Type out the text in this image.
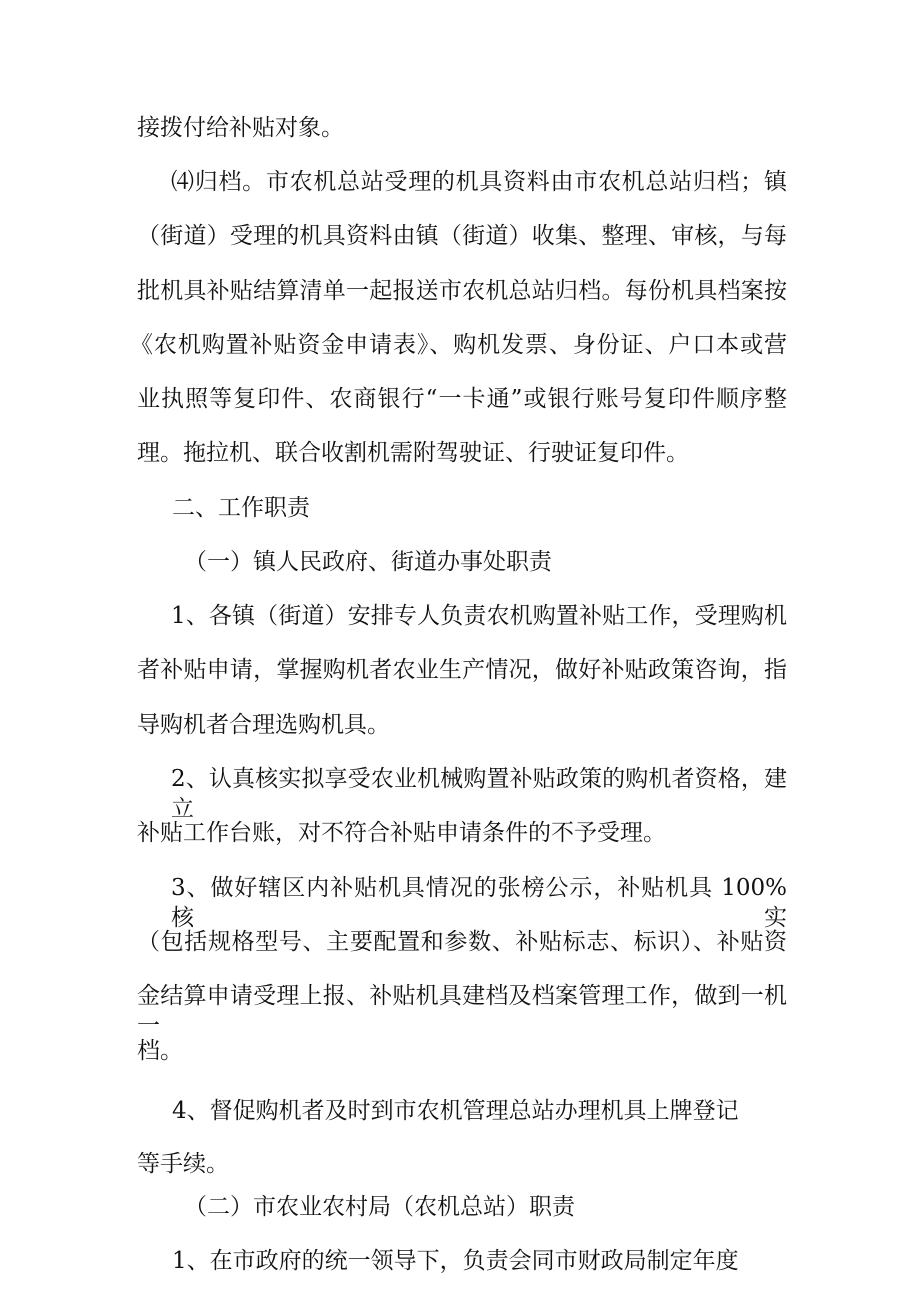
接拨付给补贴对象。
⑷归档。市农机总站受理的机具资料由市农机总站归档；镇
（街道）受理的机具资料由镇（街道）收集、整理、审核，与每
批机具补贴结算清单一起报送市农机总站归档。每份机具档案按
《农机购置补贴资金申请表》、购机发票、身份证、户口本或营
业执照等复印件、农商银行“一卡通”或银行账号复印件顺序整
理。拖拉机、联合收割机需附驾驶证、行驶证复印件。
二、工作职责
（一）镇人民政府、街道办事处职责
1、各镇（街道）安排专人负责农机购置补贴工作，受理购机
者补贴申请，掌握购机者农业生产情况，做好补贴政策咨询，指
导购机者合理选购机具。
2、认真核实拟享受农业机械购置补贴政策的购机者资格，建立
补贴工作台账，对不符合补贴申请条件的不予受理。
3、做好辖区内补贴机具情况的张榜公示，补贴机具 100%核实
（包括规格型号、主要配置和参数、补贴标志、标识）、补贴资
金结算申请受理上报、补贴机具建档及档案管理工作，做到一机一
档。
4、督促购机者及时到市农机管理总站办理机具上牌登记
等手续。
（二）市农业农村局（农机总站）职责
1、在市政府的统一领导下，负责会同市财政局制定年度
